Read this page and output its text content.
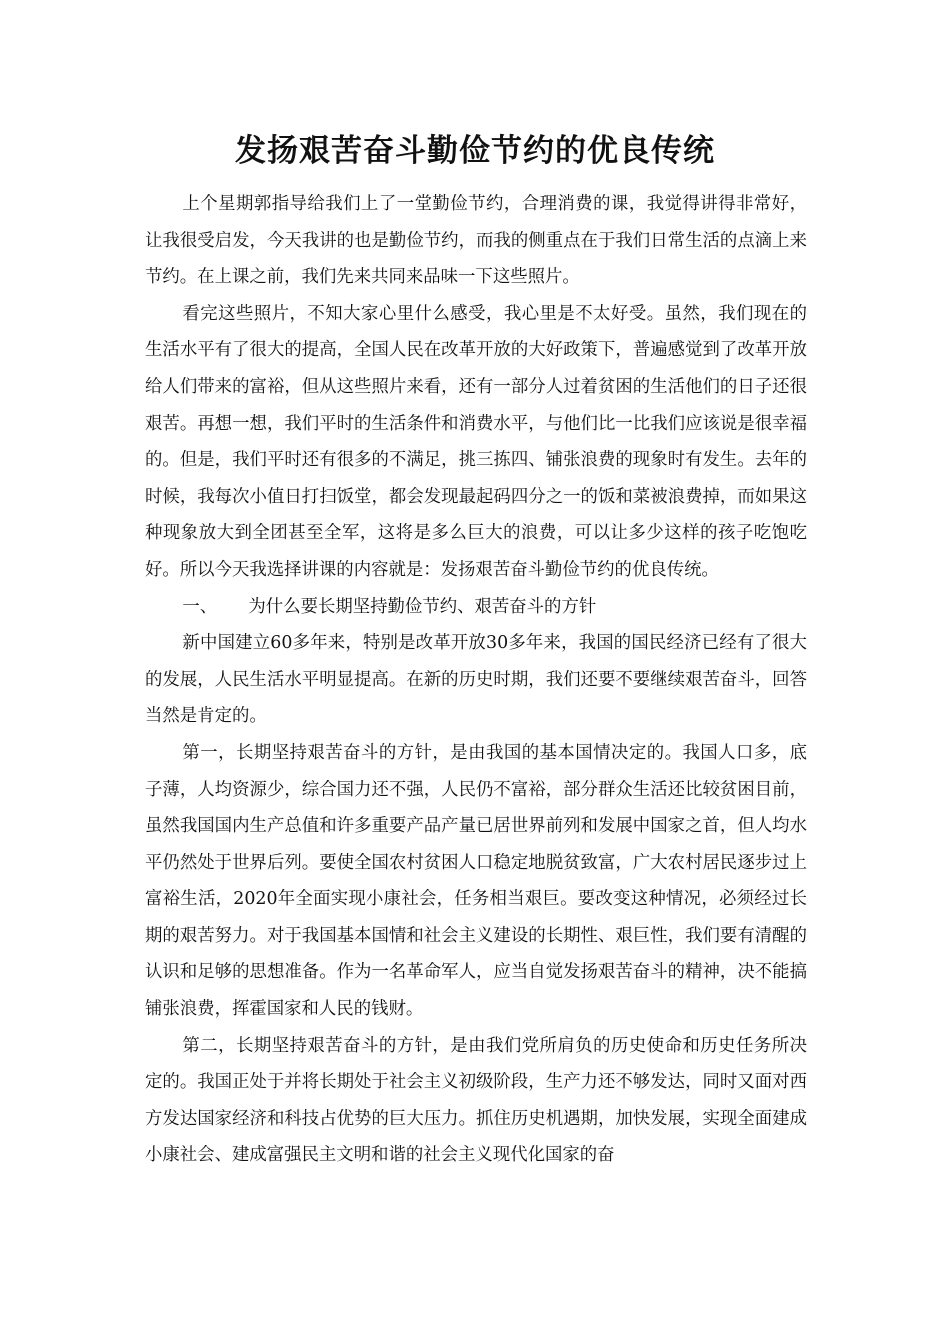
发扬艰苦奋斗勤俭节约的优良传统

上个星期郭指导给我们上了一堂勤俭节约，合理消费的课，我觉得讲得非常好，让我很受启发，今天我讲的也是勤俭节约，而我的侧重点在于我们日常生活的点滴上来节约。在上课之前，我们先来共同来品味一下这些照片。

看完这些照片，不知大家心里什么感受，我心里是不太好受。虽然，我们现在的生活水平有了很大的提高，全国人民在改革开放的大好政策下，普遍感觉到了改革开放给人们带来的富裕，但从这些照片来看，还有一部分人过着贫困的生活他们的日子还很艰苦。再想一想，我们平时的生活条件和消费水平，与他们比一比我们应该说是很幸福的。但是，我们平时还有很多的不满足，挑三拣四、铺张浪费的现象时有发生。去年的时候，我每次小值日打扫饭堂，都会发现最起码四分之一的饭和菜被浪费掉，而如果这种现象放大到全团甚至全军，这将是多么巨大的浪费，可以让多少这样的孩子吃饱吃好。所以今天我选择讲课的内容就是：发扬艰苦奋斗勤俭节约的优良传统。

一、 为什么要长期坚持勤俭节约、艰苦奋斗的方针

新中国建立60多年来，特别是改革开放30多年来，我国的国民经济已经有了很大的发展，人民生活水平明显提高。在新的历史时期，我们还要不要继续艰苦奋斗，回答当然是肯定的。

第一，长期坚持艰苦奋斗的方针，是由我国的基本国情决定的。我国人口多，底子薄，人均资源少，综合国力还不强，人民仍不富裕，部分群众生活还比较贫困目前，虽然我国国内生产总值和许多重要产品产量已居世界前列和发展中国家之首，但人均水平仍然处于世界后列。要使全国农村贫困人口稳定地脱贫致富，广大农村居民逐步过上富裕生活，2020年全面实现小康社会，任务相当艰巨。要改变这种情况，必须经过长期的艰苦努力。对于我国基本国情和社会主义建设的长期性、艰巨性，我们要有清醒的认识和足够的思想准备。作为一名革命军人，应当自觉发扬艰苦奋斗的精神，决不能搞铺张浪费，挥霍国家和人民的钱财。

第二，长期坚持艰苦奋斗的方针，是由我们党所肩负的历史使命和历史任务所决定的。我国正处于并将长期处于社会主义初级阶段，生产力还不够发达，同时又面对西方发达国家经济和科技占优势的巨大压力。抓住历史机遇期，加快发展，实现全面建成小康社会、建成富强民主文明和谐的社会主义现代化国家的奋
